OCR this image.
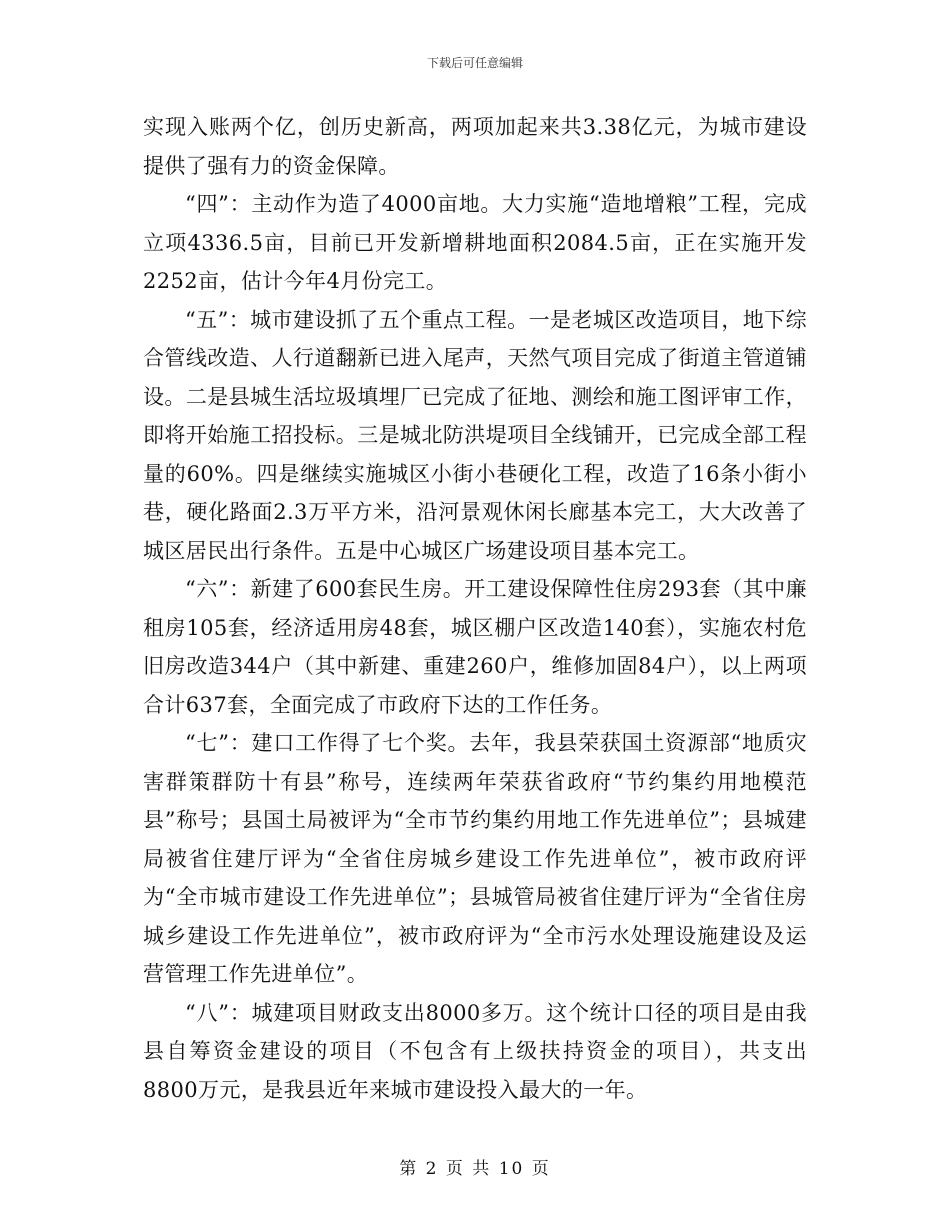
下载后可任意编辑

实现入账两个亿，创历史新高，两项加起来共3.38亿元，为城市建设提供了强有力的资金保障。

“四”：主动作为造了4000亩地。大力实施“造地增粮”工程，完成立项4336.5亩，目前已开发新增耕地面积2084.5亩，正在实施开发2252亩，估计今年4月份完工。

“五”：城市建设抓了五个重点工程。一是老城区改造项目，地下综合管线改造、人行道翻新已进入尾声，天然气项目完成了街道主管道铺设。二是县城生活垃圾填埋厂已完成了征地、测绘和施工图评审工作，即将开始施工招投标。三是城北防洪堤项目全线铺开，已完成全部工程量的60%。四是继续实施城区小街小巷硬化工程，改造了16条小街小巷，硬化路面2.3万平方米，沿河景观休闲长廊基本完工，大大改善了城区居民出行条件。五是中心城区广场建设项目基本完工。

“六”：新建了600套民生房。开工建设保障性住房293套（其中廉租房105套，经济适用房48套，城区棚户区改造140套），实施农村危旧房改造344户（其中新建、重建260户，维修加固84户），以上两项合计637套，全面完成了市政府下达的工作任务。

“七”：建口工作得了七个奖。去年，我县荣获国土资源部“地质灾害群策群防十有县”称号，连续两年荣获省政府“节约集约用地模范县”称号；县国土局被评为“全市节约集约用地工作先进单位”；县城建局被省住建厅评为“全省住房城乡建设工作先进单位”，被市政府评为“全市城市建设工作先进单位”；县城管局被省住建厅评为“全省住房城乡建设工作先进单位”，被市政府评为“全市污水处理设施建设及运营管理工作先进单位”。

“八”：城建项目财政支出8000多万。这个统计口径的项目是由我县自筹资金建设的项目（不包含有上级扶持资金的项目），共支出8800万元，是我县近年来城市建设投入最大的一年。

第 2 页 共 10 页
